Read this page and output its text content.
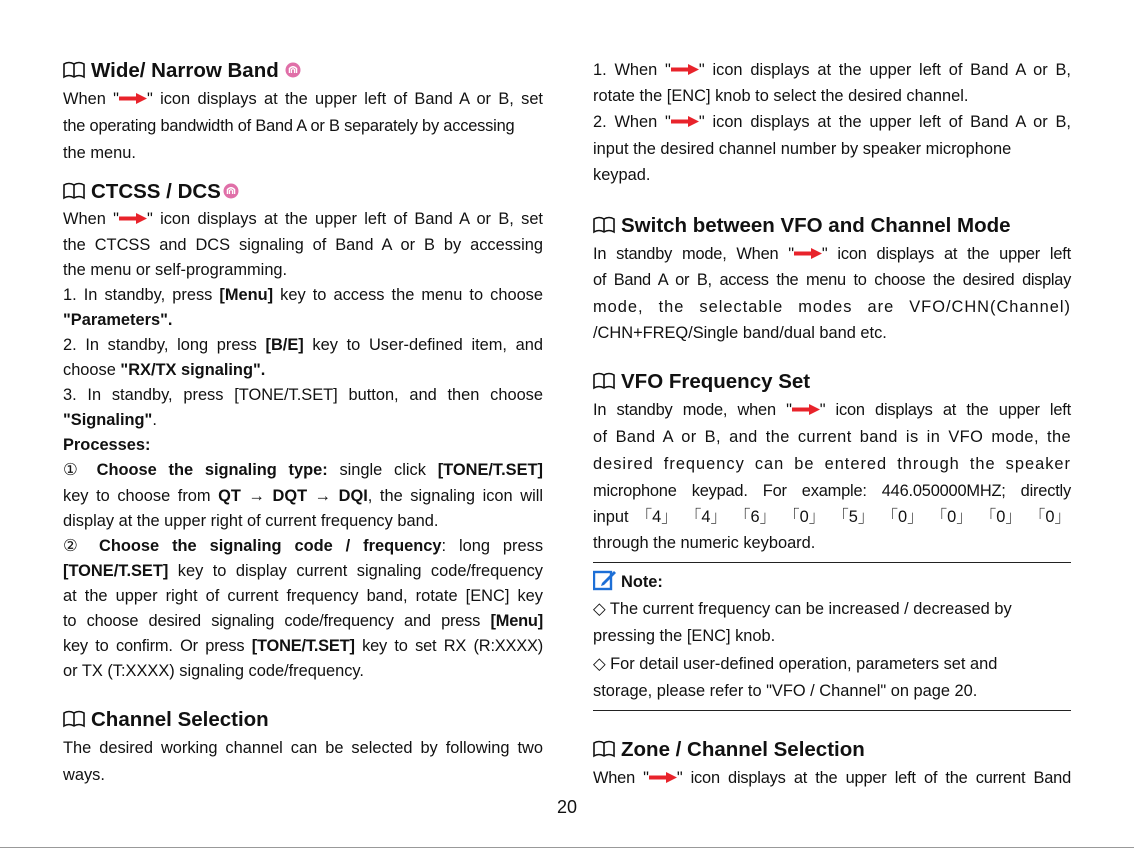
Wide/ Narrow Band
When " " icon displays at the upper left of Band A or B, set
the operating bandwidth of Band A or B separately by accessing
the menu.
CTCSS / DCS
When " " icon displays at the upper left of Band A or B, set
the CTCSS and DCS signaling of Band A or B by accessing
the menu or self-programming.
1. In standby, press [Menu] key to access the menu to choose
"Parameters".
2. In standby, long press [B/E] key to User-defined item, and
choose "RX/TX signaling".
3. In standby, press [TONE/T.SET] button, and then choose
"Signaling".
Processes:
① Choose the signaling type: single click [TONE/T.SET]
key to choose from QT → DQT → DQI, the signaling icon will
display at the upper right of current frequency band.
② Choose the signaling code / frequency: long press
[TONE/T.SET] key to display current signaling code/frequency
at the upper right of current frequency band, rotate [ENC] key
to choose desired signaling code/frequency and press [Menu]
key to confirm. Or press [TONE/T.SET] key to set RX (R:XXXX)
or TX (T:XXXX) signaling code/frequency.
Channel Selection
The desired working channel can be selected by following two
ways.
1. When " " icon displays at the upper left of Band A or B,
rotate the [ENC] knob to select the desired channel.
2. When " " icon displays at the upper left of Band A or B,
input the desired channel number by speaker microphone
keypad.
Switch between VFO and Channel Mode
In standby mode, When " " icon displays at the upper left
of Band A or B, access the menu to choose the desired display
mode, the selectable modes are VFO/CHN(Channel)
/CHN+FREQ/Single band/dual band etc.
VFO Frequency Set
In standby mode, when " " icon displays at the upper left
of Band A or B, and the current band is in VFO mode, the
desired frequency can be entered through the speaker
microphone keypad. For example: 446.050000MHZ; directly
input 「4」 「4」 「6」 「0」 「5」 「0」 「0」 「0」 「0」
through the numeric keyboard.
Note:
◇ The current frequency can be increased / decreased by
pressing the [ENC] knob.
◇ For detail user-defined operation, parameters set and
storage, please refer to "VFO / Channel" on page 20.
Zone / Channel Selection
When " " icon displays at the upper left of the current Band
20
